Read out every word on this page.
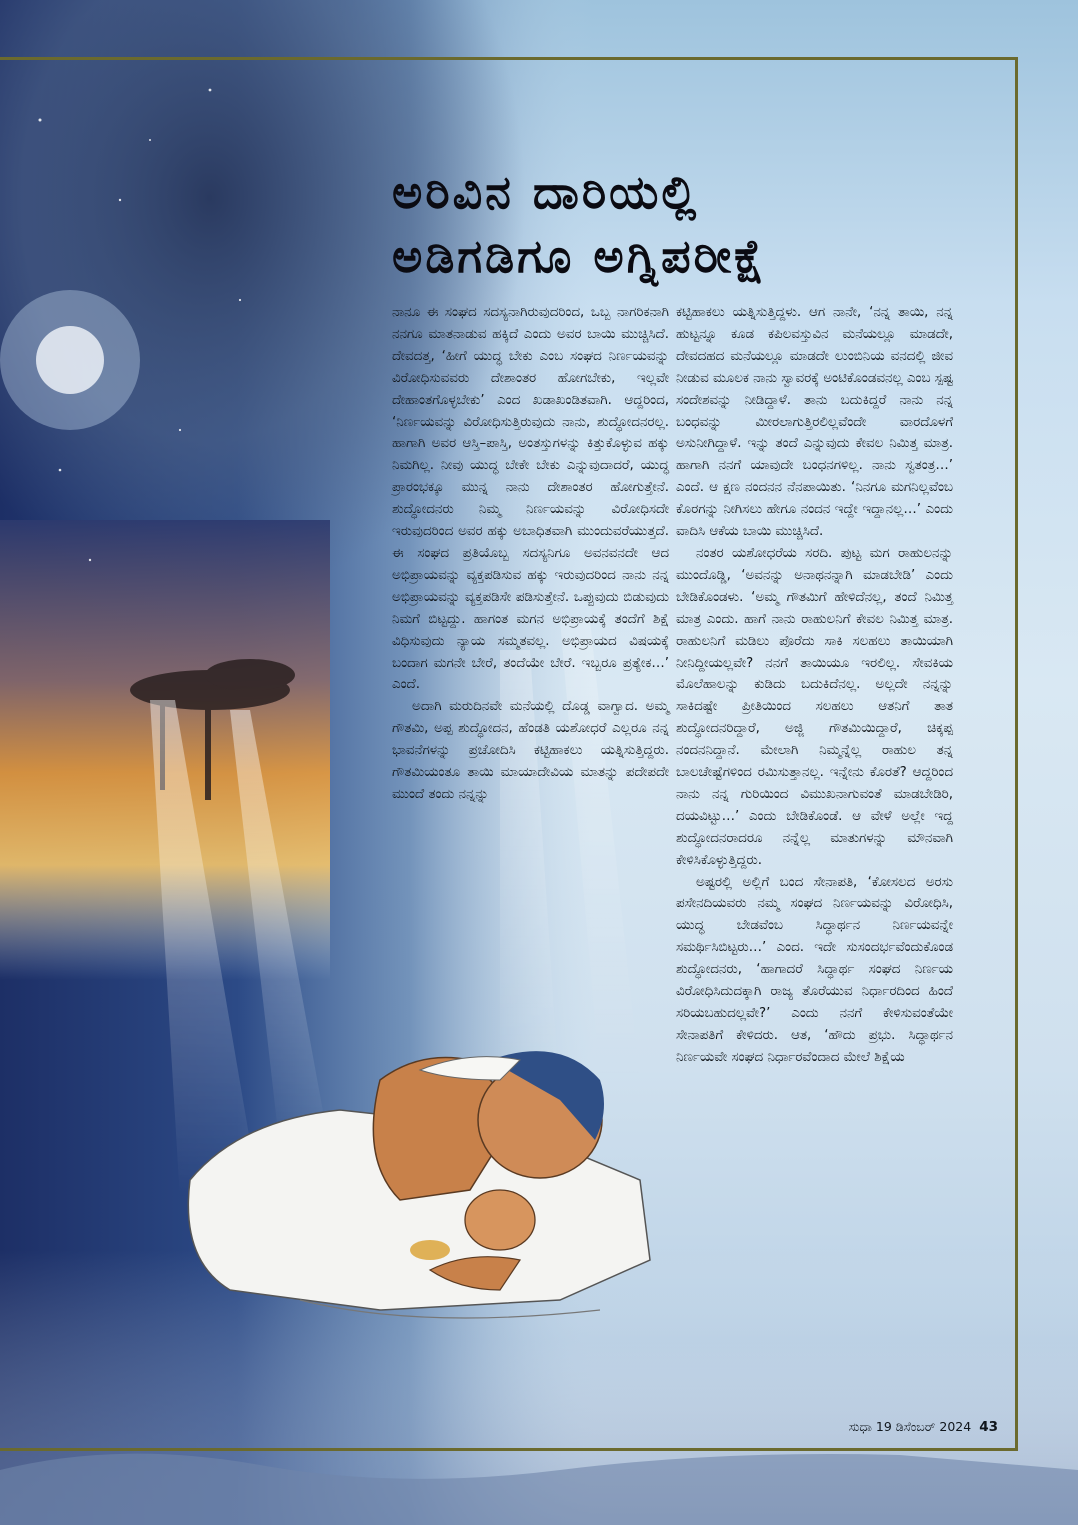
ಅರಿವಿನ ದಾರಿಯಲ್ಲಿ
ಅಡಿಗಡಿಗೂ ಅಗ್ನಿಪರೀಕ್ಷೆ

ನಾನೂ ಈ ಸಂಘದ ಸದಸ್ಯನಾಗಿರುವುದರಿಂದ, ಒಬ್ಬ ನಾಗರಿಕನಾಗಿ ನನಗೂ ಮಾತನಾಡುವ ಹಕ್ಕಿದೆ ಎಂದು ಅವರ ಬಾಯಿ ಮುಚ್ಚಿಸಿದೆ. ದೇವದತ್ತ, ‘ಹೀಗೆ ಯುದ್ಧ ಬೇಕು ಎಂಬ ಸಂಘದ ನಿರ್ಣಯವನ್ನು ವಿರೋಧಿಸುವವರು ದೇಶಾಂತರ ಹೋಗಬೇಕು, ಇಲ್ಲವೇ ದೇಹಾಂತಗೊಳ್ಳಬೇಕು’ ಎಂದ ಖಡಾಖಂಡಿತವಾಗಿ. ಆದ್ದರಿಂದ, ‘ನಿರ್ಣಯವನ್ನು ವಿರೋಧಿಸುತ್ತಿರುವುದು ನಾನು, ಶುದ್ಧೋದನರಲ್ಲ. ಹಾಗಾಗಿ ಅವರ ಆಸ್ತಿ–ಪಾಸ್ತಿ, ಅಂತಸ್ತುಗಳನ್ನು ಕಿತ್ತುಕೊಳ್ಳುವ ಹಕ್ಕು ನಿಮಗಿಲ್ಲ. ನೀವು ಯುದ್ಧ ಬೇಕೇ ಬೇಕು ಎನ್ನುವುದಾದರೆ, ಯುದ್ಧ ಪ್ರಾರಂಭಕ್ಕೂ ಮುನ್ನ ನಾನು ದೇಶಾಂತರ ಹೋಗುತ್ತೇನೆ. ಶುದ್ಧೋದನರು ನಿಮ್ಮ ನಿರ್ಣಯವನ್ನು ವಿರೋಧಿಸದೇ ಇರುವುದರಿಂದ ಅವರ ಹಕ್ಕು ಅಬಾಧಿತವಾಗಿ ಮುಂದುವರೆಯುತ್ತದೆ. ಈ ಸಂಘದ ಪ್ರತಿಯೊಬ್ಬ ಸದಸ್ಯನಿಗೂ ಅವನವನದೇ ಆದ ಅಭಿಪ್ರಾಯವನ್ನು ವ್ಯಕ್ತಪಡಿಸುವ ಹಕ್ಕು ಇರುವುದರಿಂದ ನಾನು ನನ್ನ ಅಭಿಪ್ರಾಯವನ್ನು ವ್ಯಕ್ತಪಡಿಸೇ ಪಡಿಸುತ್ತೇನೆ. ಒಪ್ಪುವುದು ಬಿಡುವುದು ನಿಮಗೆ ಬಿಟ್ಟದ್ದು. ಹಾಗಂತ ಮಗನ ಅಭಿಪ್ರಾಯಕ್ಕೆ ತಂದೆಗೆ ಶಿಕ್ಷೆ ವಿಧಿಸುವುದು ನ್ಯಾಯ ಸಮ್ಮತವಲ್ಲ. ಅಭಿಪ್ರಾಯದ ವಿಷಯಕ್ಕೆ ಬಂದಾಗ ಮಗನೇ ಬೇರೆ, ತಂದೆಯೇ ಬೇರೆ. ಇಬ್ಬರೂ ಪ್ರತ್ಯೇಕ…’ ಎಂದೆ.

ಅದಾಗಿ ಮರುದಿನವೇ ಮನೆಯಲ್ಲಿ ದೊಡ್ಡ ವಾಗ್ವಾದ. ಅಮ್ಮ ಗೌತಮಿ, ಅಪ್ಪ ಶುದ್ಧೋದನ, ಹೆಂಡತಿ ಯಶೋಧರೆ ಎಲ್ಲರೂ ನನ್ನ ಭಾವನೆಗಳನ್ನು ಪ್ರಚೋದಿಸಿ ಕಟ್ಟಿಹಾಕಲು ಯತ್ನಿಸುತ್ತಿದ್ದರು. ಗೌತಮಿಯಂತೂ ತಾಯಿ ಮಾಯಾದೇವಿಯ ಮಾತನ್ನು ಪದೇಪದೇ ಮುಂದೆ ತಂದು ನನ್ನನ್ನು

ಕಟ್ಟಿಹಾಕಲು ಯತ್ನಿಸುತ್ತಿದ್ದಳು. ಆಗ ನಾನೇ, ‘ನನ್ನ ತಾಯಿ, ನನ್ನ ಹುಟ್ಟನ್ನೂ ಕೂಡ ಕಪಿಲವಸ್ತುವಿನ ಮನೆಯಲ್ಲೂ ಮಾಡದೇ, ದೇವದಹದ ಮನೆಯಲ್ಲೂ ಮಾಡದೇ ಲುಂಬಿನಿಯ ವನದಲ್ಲಿ ಜೀವ ನೀಡುವ ಮೂಲಕ ನಾನು ಸ್ವಾವರಕ್ಕೆ ಅಂಟಿಕೊಂಡವನಲ್ಲ ಎಂಬ ಸ್ಪಷ್ಟ ಸಂದೇಶವನ್ನು ನೀಡಿದ್ದಾಳೆ. ತಾನು ಬದುಕಿದ್ದರೆ ನಾನು ನನ್ನ ಬಂಧವನ್ನು ಮೀರಲಾಗುತ್ತಿರಲಿಲ್ಲವೆಂದೇ ವಾರದೊಳಗೆ ಅಸುನೀಗಿದ್ದಾಳೆ. ಇನ್ನು ತಂದೆ ಎನ್ನುವುದು ಕೇವಲ ನಿಮಿತ್ತ ಮಾತ್ರ. ಹಾಗಾಗಿ ನನಗೆ ಯಾವುದೇ ಬಂಧನಗಳಿಲ್ಲ. ನಾನು ಸ್ವತಂತ್ರ…’ ಎಂದೆ. ಆ ಕ್ಷಣ ನಂದನನ ನೆನಪಾಯಿತು. ‘ನಿನಗೂ ಮಗನಿಲ್ಲವೆಂಬ ಕೊರಗನ್ನು ನೀಗಿಸಲು ಹೇಗೂ ನಂದನ ಇದ್ದೇ ಇದ್ದಾನಲ್ಲ…’ ಎಂದು ವಾದಿಸಿ ಆಕೆಯ ಬಾಯಿ ಮುಚ್ಚಿಸಿದೆ.

ನಂತರ ಯಶೋಧರೆಯ ಸರದಿ. ಪುಟ್ಟ ಮಗ ರಾಹುಲನನ್ನು ಮುಂದೊಡ್ಡಿ, ‘ಅವನನ್ನು ಅನಾಥನನ್ನಾಗಿ ಮಾಡಬೇಡಿ’ ಎಂದು ಬೇಡಿಕೊಂಡಳು. ‘ಅಮ್ಮ ಗೌತಮಿಗೆ ಹೇಳಿದೆನಲ್ಲ, ತಂದೆ ನಿಮಿತ್ತ ಮಾತ್ರ ಎಂದು. ಹಾಗೆ ನಾನು ರಾಹುಲನಿಗೆ ಕೇವಲ ನಿಮಿತ್ತ ಮಾತ್ರ. ರಾಹುಲನಿಗೆ ಮಡಿಲು ಪೊರೆದು ಸಾಕಿ ಸಲಹಲು ತಾಯಿಯಾಗಿ ನೀನಿದ್ದೀಯಲ್ಲವೇ? ನನಗೆ ತಾಯಿಯೂ ಇರಲಿಲ್ಲ. ಸೇವಕಿಯ ಮೊಲೆಹಾಲನ್ನು ಕುಡಿದು ಬದುಕಿದೆನಲ್ಲ. ಅಲ್ಲದೇ ನನ್ನನ್ನು ಸಾಕಿದಷ್ಟೇ ಪ್ರೀತಿಯಿಂದ ಸಲಹಲು ಆತನಿಗೆ ತಾತ ಶುದ್ಧೋದನರಿದ್ದಾರೆ, ಅಜ್ಜಿ ಗೌತಮಿಯಿದ್ದಾರೆ, ಚಿಕ್ಕಪ್ಪ ನಂದನನಿದ್ದಾನೆ. ಮೇಲಾಗಿ ನಿಮ್ಮನ್ನೆಲ್ಲ ರಾಹುಲ ತನ್ನ ಬಾಲಚೇಷ್ಟೆಗಳಿಂದ ರಮಿಸುತ್ತಾನಲ್ಲ. ಇನ್ನೇನು ಕೊರತೆ? ಆದ್ದರಿಂದ ನಾನು ನನ್ನ ಗುರಿಯಿಂದ ವಿಮುಖನಾಗುವಂತೆ ಮಾಡಬೇಡಿರಿ, ದಯವಿಟ್ಟು…’ ಎಂದು ಬೇಡಿಕೊಂಡೆ. ಆ ವೇಳೆ ಅಲ್ಲೇ ಇದ್ದ ಶುದ್ಧೋದನರಾದರೂ ನನ್ನೆಲ್ಲ ಮಾತುಗಳನ್ನು ಮೌನವಾಗಿ ಕೇಳಿಸಿಕೊಳ್ಳುತ್ತಿದ್ದರು.

ಅಷ್ಟರಲ್ಲಿ ಅಲ್ಲಿಗೆ ಬಂದ ಸೇನಾಪತಿ, ‘ಕೋಸಲದ ಅರಸು ಪಸೇನದಿಯವರು ನಮ್ಮ ಸಂಘದ ನಿರ್ಣಯವನ್ನು ವಿರೋಧಿಸಿ, ಯುದ್ಧ ಬೇಡವೆಂಬ ಸಿದ್ಧಾರ್ಥನ ನಿರ್ಣಯವನ್ನೇ ಸಮರ್ಥಿಸಿಬಿಟ್ಟರು…’ ಎಂದ. ಇದೇ ಸುಸಂದರ್ಭವೆಂದುಕೊಂಡ ಶುದ್ಧೋದನರು, ‘ಹಾಗಾದರೆ ಸಿದ್ಧಾರ್ಥ ಸಂಘದ ನಿರ್ಣಯ ವಿರೋಧಿಸಿದುದಕ್ಕಾಗಿ ರಾಜ್ಯ ತೊರೆಯುವ ನಿರ್ಧಾರದಿಂದ ಹಿಂದೆ ಸರಿಯಬಹುದಲ್ಲವೇ?’ ಎಂದು ನನಗೆ ಕೇಳಿಸುವಂತೆಯೇ ಸೇನಾಪತಿಗೆ ಕೇಳಿದರು. ಆತ, ‘ಹೌದು ಪ್ರಭು. ಸಿದ್ಧಾರ್ಥನ ನಿರ್ಣಯವೇ ಸಂಘದ ನಿರ್ಧಾರವೆಂದಾದ ಮೇಲೆ ಶಿಕ್ಷೆಯ

ಸುಧಾ 19 ಡಿಸೆಂಬರ್ 2024 43
